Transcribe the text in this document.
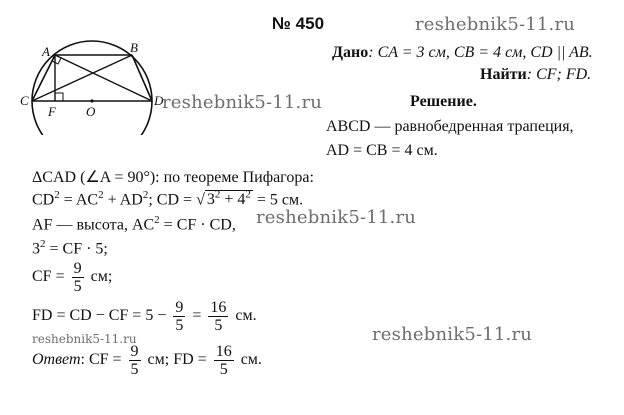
A	B
C	D
F O
№ 450	reshebnik5-11.ru
reshebnik5-11.ru
reshebnik5-11.ru
reshebnik5-11.ru
reshebnik5-11.ru
Дано: CA = 3 см, CB = 4 см, CD || AB.
Найти: CF; FD.
Решение.
ABCD — равнобедренная трапеция,
AD = CB = 4 см.
ΔCAD (∠A = 90°): по теореме Пифагора:
$CD^2 = AC^2 + AD^2$; CD = √ $3^2 + 4^2 = 5$ см.
AF — высота, $AC^2$ = CF · CD,
$3^2$ = CF · 5;
CF = $\frac{9}{5}$ см;
FD = CD − CF = $5 - \frac{9}{5} = \frac{16}{5}$ см.
Ответ: CF = $\frac{9}{5}$ см; FD = $\frac{16}{5}$ см.
